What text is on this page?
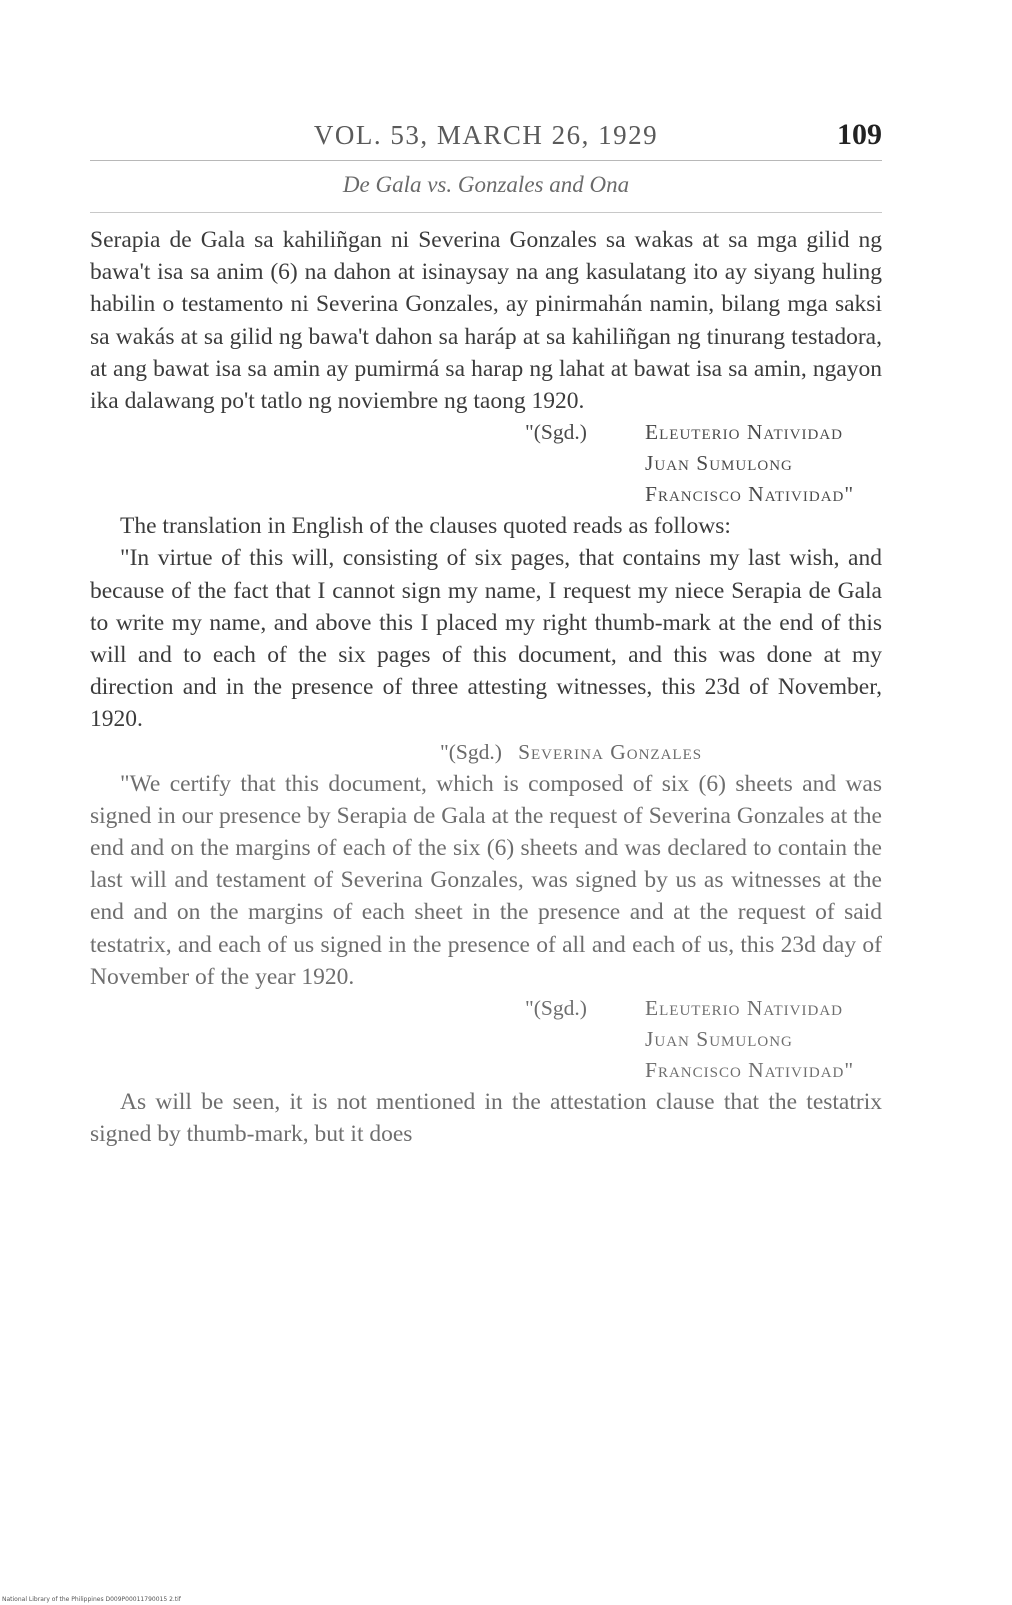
VOL. 53, MARCH 26, 1929	109
De Gala vs. Gonzales and Ona

Serapia de Gala sa kahiliñgan ni Severina Gonzales sa wakas at sa mga gilid ng bawa't isa sa anim (6) na dahon at isinaysay na ang kasulatang ito ay siyang huling habilin o testamento ni Severina Gonzales, ay pinirmahán namin, bilang mga saksi sa wakás at sa gilid ng bawa't dahon sa haráp at sa kahiliñgan ng tinurang testadora, at ang bawat isa sa amin ay pumirmá sa harap ng lahat at bawat isa sa amin, ngayon ika dalawang po't tatlo ng noviembre ng taong 1920.

"(Sgd.)	Eleuterio Natividad
Juan Sumulong
Francisco Natividad"

The translation in English of the clauses quoted reads as follows:

"In virtue of this will, consisting of six pages, that contains my last wish, and because of the fact that I cannot sign my name, I request my niece Serapia de Gala to write my name, and above this I placed my right thumb-mark at the end of this will and to each of the six pages of this document, and this was done at my direction and in the presence of three attesting witnesses, this 23d of November, 1920.

"(Sgd.) Severina Gonzales

"We certify that this document, which is composed of six (6) sheets and was signed in our presence by Serapia de Gala at the request of Severina Gonzales at the end and on the margins of each of the six (6) sheets and was declared to contain the last will and testament of Severina Gonzales, was signed by us as witnesses at the end and on the margins of each sheet in the presence and at the request of said testatrix, and each of us signed in the presence of all and each of us, this 23d day of November of the year 1920.

"(Sgd.)	Eleuterio Natividad
Juan Sumulong
Francisco Natividad"

As will be seen, it is not mentioned in the attestation clause that the testatrix signed by thumb-mark, but it does

National Library of the Philippines D009P00011790015 2.tif
